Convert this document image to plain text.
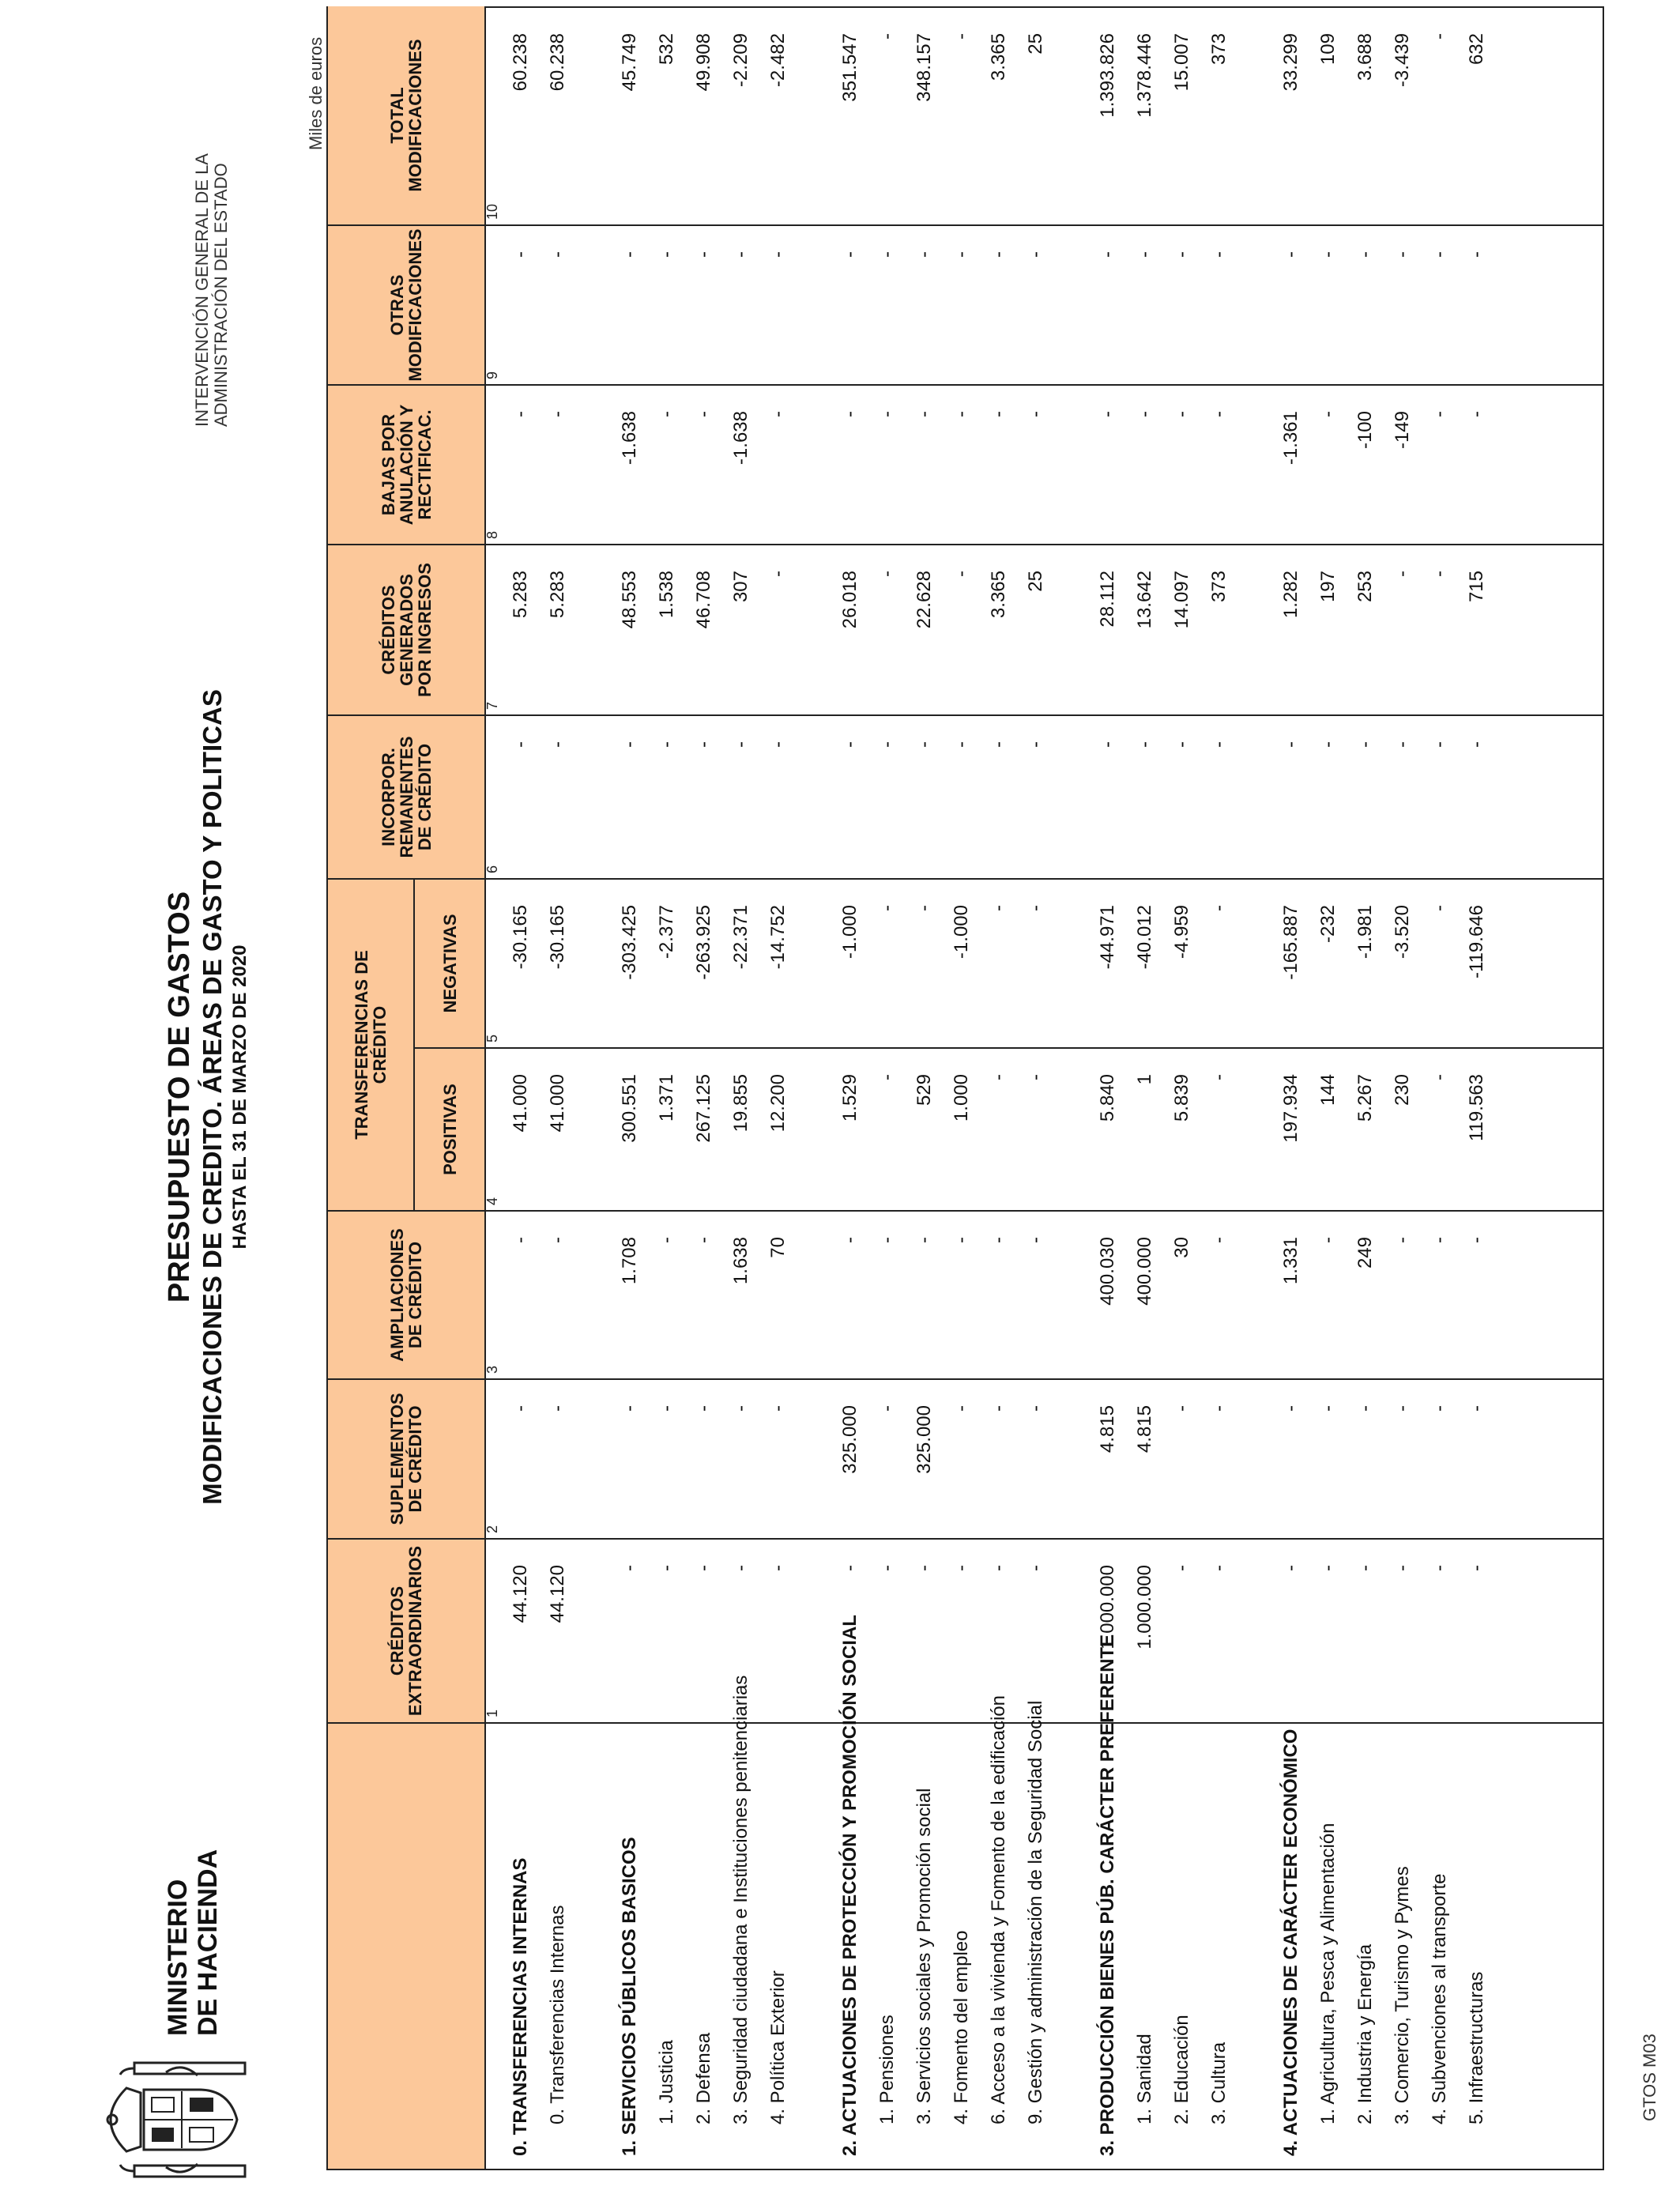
MINISTERIO DE HACIENDA
PRESUPUESTO DE GASTOS MODIFICACIONES DE CREDITO. ÁREAS DE GASTO Y POLITICAS HASTA EL 31 DE MARZO DE 2020
INTERVENCIÓN GENERAL DE LA ADMINISTRACIÓN DEL ESTADO
Miles de euros
CRÉDITOS
EXTRAORDINARIOS
SUPLEMENTOS
DE CRÉDITO
AMPLIACIONES
DE CRÉDITO
TRANSFERENCIAS DE
CRÉDITO
POSITIVAS
NEGATIVAS
INCORPOR.
REMANENTES
DE CRÉDITO
CRÉDITOS
GENERADOS
POR INGRESOS
BAJAS POR
ANULACIÓN Y
RECTIFICAC.
OTRAS
MODIFICACIONES
TOTAL
MODIFICACIONES
1
2
3
4
5
6
7
8
9
10
0. TRANSFERENCIAS INTERNAS
44.120
-
-
41.000
-30.165
-
5.283
-
-
60.238
0. Transferencias Internas
44.120
-
-
41.000
-30.165
-
5.283
-
-
60.238
1. SERVICIOS PÚBLICOS BASICOS
-
-
1.708
300.551
-303.425
-
48.553
-1.638
-
45.749
1. Justicia
-
-
-
1.371
-2.377
-
1.538
-
-
532
2. Defensa
-
-
-
267.125
-263.925
-
46.708
-
-
49.908
3. Seguridad ciudadana e Instituciones penitenciarias
-
-
1.638
19.855
-22.371
-
307
-1.638
-
-2.209
4. Política Exterior
-
-
70
12.200
-14.752
-
-
-
-
-2.482
2. ACTUACIONES DE PROTECCIÓN Y PROMOCIÓN SOCIAL
-
325.000
-
1.529
-1.000
-
26.018
-
-
351.547
1. Pensiones
-
-
-
-
-
-
-
-
-
-
3. Servicios sociales y Promoción social
-
325.000
-
529
-
-
22.628
-
-
348.157
4. Fomento del empleo
-
-
-
1.000
-1.000
-
-
-
-
-
6. Acceso a la vivienda y Fomento de la edificación
-
-
-
-
-
-
3.365
-
-
3.365
9. Gestión y administración de la Seguridad Social
-
-
-
-
-
-
25
-
-
25
3. PRODUCCIÓN BIENES PÚB. CARÁCTER PREFERENTE
1.000.000
4.815
400.030
5.840
-44.971
-
28.112
-
-
1.393.826
1. Sanidad
1.000.000
4.815
400.000
1
-40.012
-
13.642
-
-
1.378.446
2. Educación
-
-
30
5.839
-4.959
-
14.097
-
-
15.007
3. Cultura
-
-
-
-
-
-
373
-
-
373
4. ACTUACIONES DE CARÁCTER ECONÓMICO
-
-
1.331
197.934
-165.887
-
1.282
-1.361
-
33.299
1. Agricultura, Pesca y Alimentación
-
-
-
144
-232
-
197
-
-
109
2. Industria y Energía
-
-
249
5.267
-1.981
-
253
-100
-
3.688
3. Comercio, Turismo y Pymes
-
-
-
230
-3.520
-
-
-149
-
-3.439
4. Subvenciones al transporte
-
-
-
-
-
-
-
-
-
-
5. Infraestructuras
-
-
-
119.563
-119.646
-
715
-
-
632
GTOS M03
